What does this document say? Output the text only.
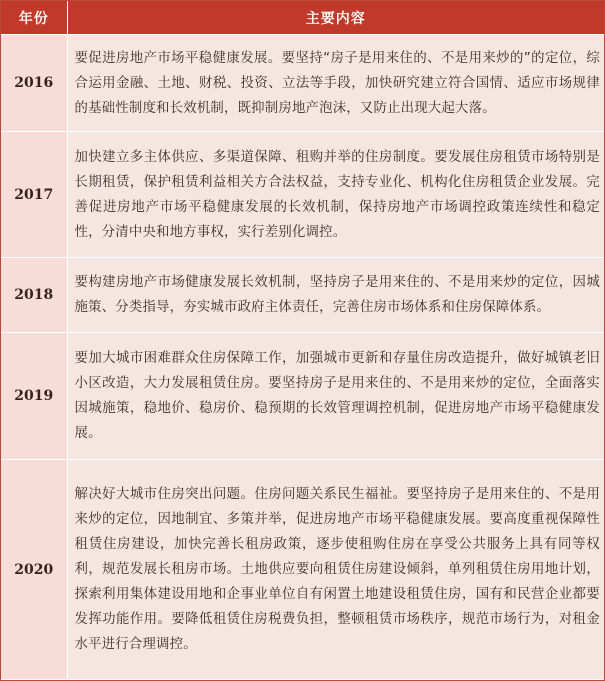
年份	主要内容
2016	要促进房地产市场平稳健康发展。要坚持“房子是用来住的、不是用来炒的”的定位，综合运用金融、土地、财税、投资、立法等手段，加快研究建立符合国情、适应市场规律的基础性制度和长效机制，既抑制房地产泡沫，又防止出现大起大落。
2017	加快建立多主体供应、多渠道保障、租购并举的住房制度。要发展住房租赁市场特别是长期租赁，保护租赁利益相关方合法权益，支持专业化、机构化住房租赁企业发展。完善促进房地产市场平稳健康发展的长效机制，保持房地产市场调控政策连续性和稳定性，分清中央和地方事权，实行差别化调控。
2018	要构建房地产市场健康发展长效机制，坚持房子是用来住的、不是用来炒的定位，因城施策、分类指导，夯实城市政府主体责任，完善住房市场体系和住房保障体系。
2019	要加大城市困难群众住房保障工作，加强城市更新和存量住房改造提升，做好城镇老旧小区改造，大力发展租赁住房。要坚持房子是用来住的、不是用来炒的定位，全面落实因城施策，稳地价、稳房价、稳预期的长效管理调控机制，促进房地产市场平稳健康发展。
2020	解决好大城市住房突出问题。住房问题关系民生福祉。要坚持房子是用来住的、不是用来炒的定位，因地制宜、多策并举，促进房地产市场平稳健康发展。要高度重视保障性租赁住房建设，加快完善长租房政策，逐步使租购住房在享受公共服务上具有同等权利，规范发展长租房市场。土地供应要向租赁住房建设倾斜，单列租赁住房用地计划，探索利用集体建设用地和企事业单位自有闲置土地建设租赁住房，国有和民营企业都要发挥功能作用。要降低租赁住房税费负担，整顿租赁市场秩序，规范市场行为，对租金水平进行合理调控。
